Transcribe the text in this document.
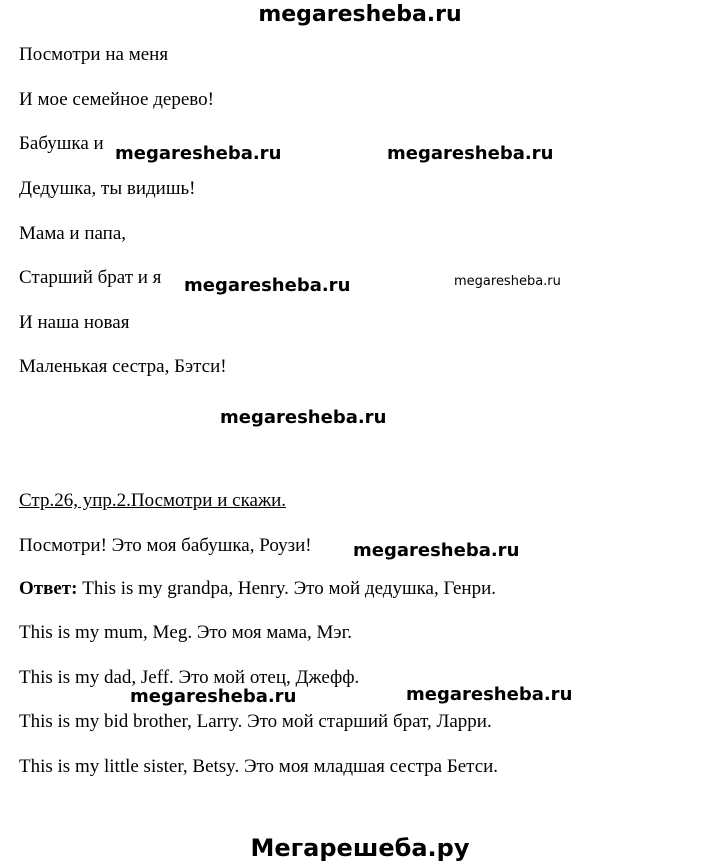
megaresheba.ru
Посмотри на меня
И мое семейное дерево!
Бабушка и
Дедушка, ты видишь!
Мама и папа,
Старший брат и я
И наша новая
Маленькая сестра, Бэтси!
Стр.26, упр.2.Посмотри и скажи.
Посмотри! Это моя бабушка, Роузи!
Ответ: This is my grandpa, Henry. Это мой дедушка, Генри.
This is my mum, Meg. Это моя мама, Мэг.
This is my dad, Jeff. Это мой отец, Джефф.
This is my bid brother, Larry. Это мой старший брат, Ларри.
This is my little sister, Betsy. Это моя младшая сестра Бетси.
megaresheba.ru	megaresheba.ru
megaresheba.ru	megaresheba.ru
megaresheba.ru
megaresheba.ru
megaresheba.ru	megaresheba.ru
Мегарешеба.ру
